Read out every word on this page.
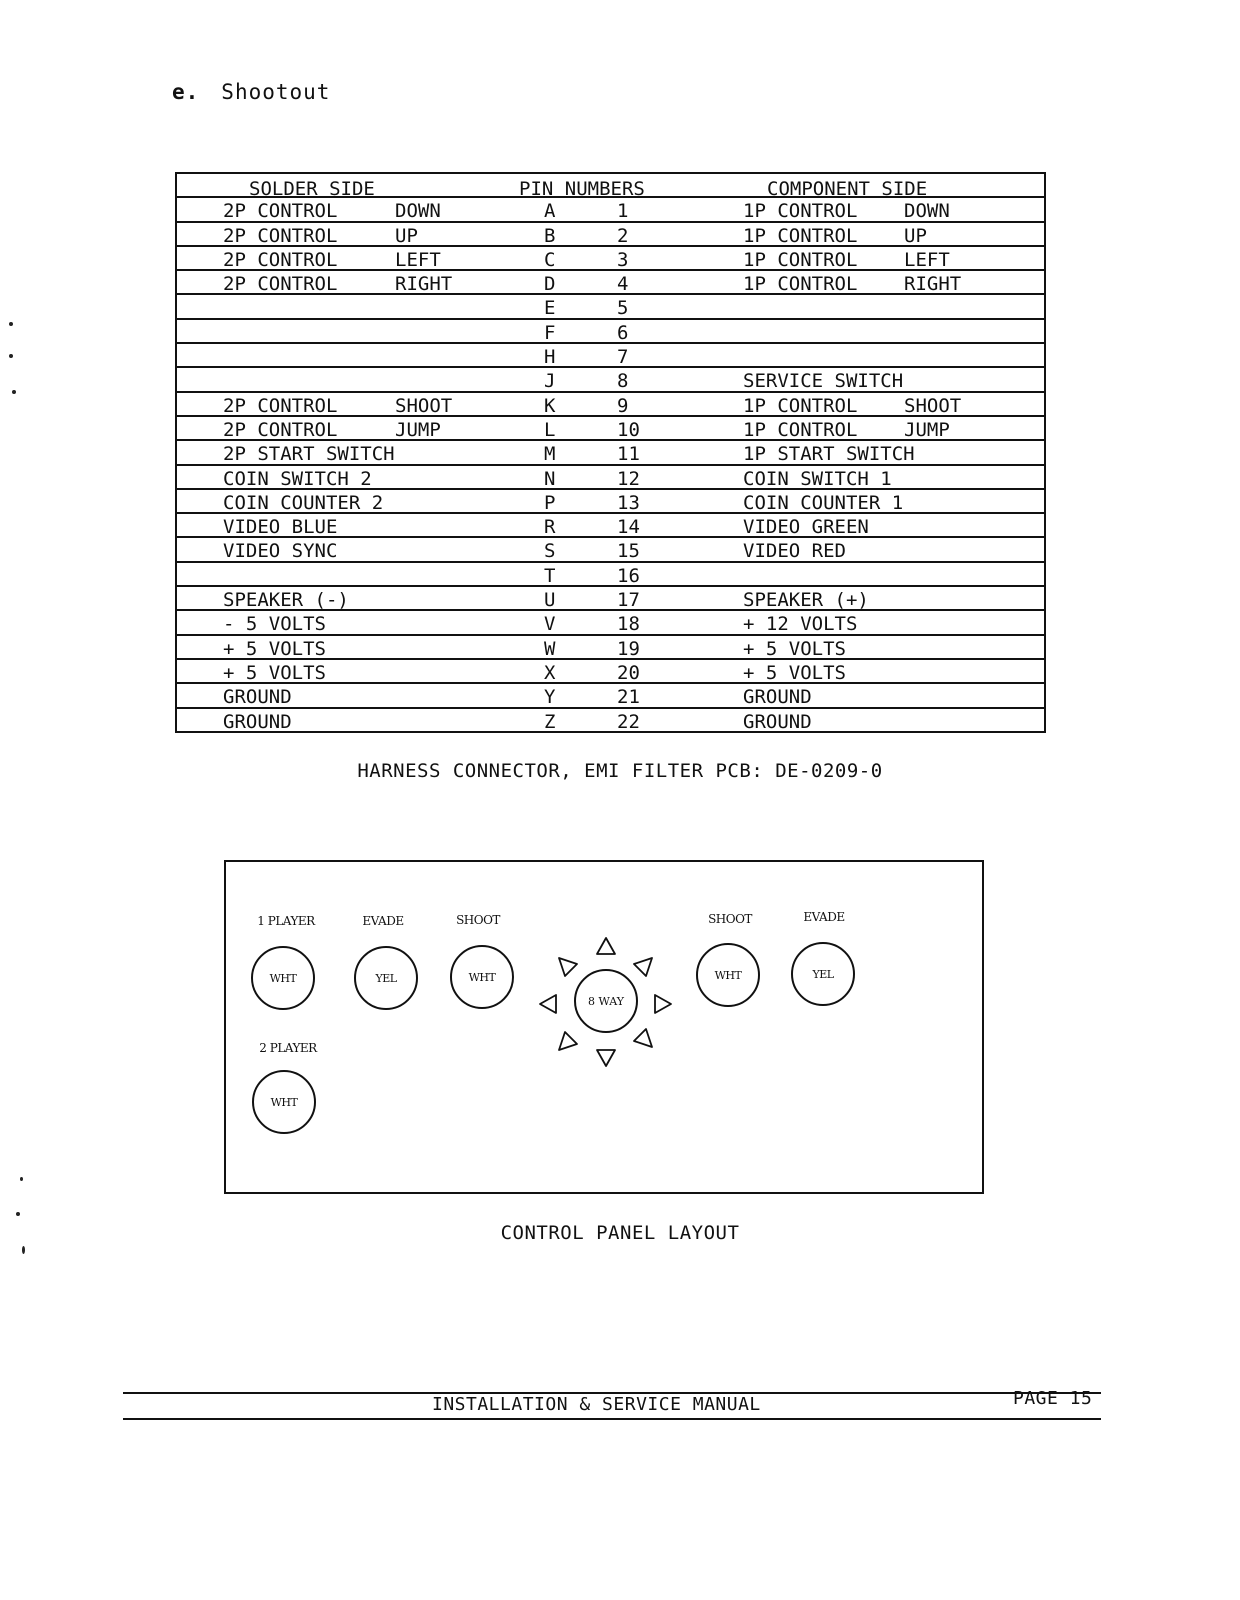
e. Shootout
SOLDER SIDE	PIN NUMBERS	COMPONENT SIDE
2P CONTROL	DOWN	A	1	1P CONTROL DOWN
2P CONTROL	UP	B	2	1P CONTROL UP
2P CONTROL	LEFT	C	3	1P CONTROL LEFT
2P CONTROL	RIGHT	D	4	1P CONTROL RIGHT
E	5
F	6
H	7
J	8	SERVICE SWITCH
2P CONTROL	SHOOT	K	9	1P CONTROL SHOOT
2P CONTROL	JUMP	L	10	1P CONTROL JUMP
2P START SWITCH	M	11	1P START SWITCH
COIN SWITCH 2	N	12	COIN SWITCH 1
COIN COUNTER 2	P	13	COIN COUNTER 1
VIDEO BLUE	R	14	VIDEO GREEN
VIDEO SYNC	S	15	VIDEO RED
T	16
SPEAKER (-)	U	17	SPEAKER (+)
- 5 VOLTS	V	18	+ 12 VOLTS
+ 5 VOLTS	W	19	+ 5 VOLTS
+ 5 VOLTS	X	20	+ 5 VOLTS
GROUND	Y	21	GROUND
GROUND	Z	22	GROUND
HARNESS CONNECTOR, EMI FILTER PCB: DE-0209-0
1 PLAYER
WHT
EVADE
YEL
SHOOT
WHT
SHOOT
WHT
EVADE
YEL
2 PLAYER
WHT
8 WAY
CONTROL PANEL LAYOUT
INSTALLATION & SERVICE MANUAL	PAGE 15
